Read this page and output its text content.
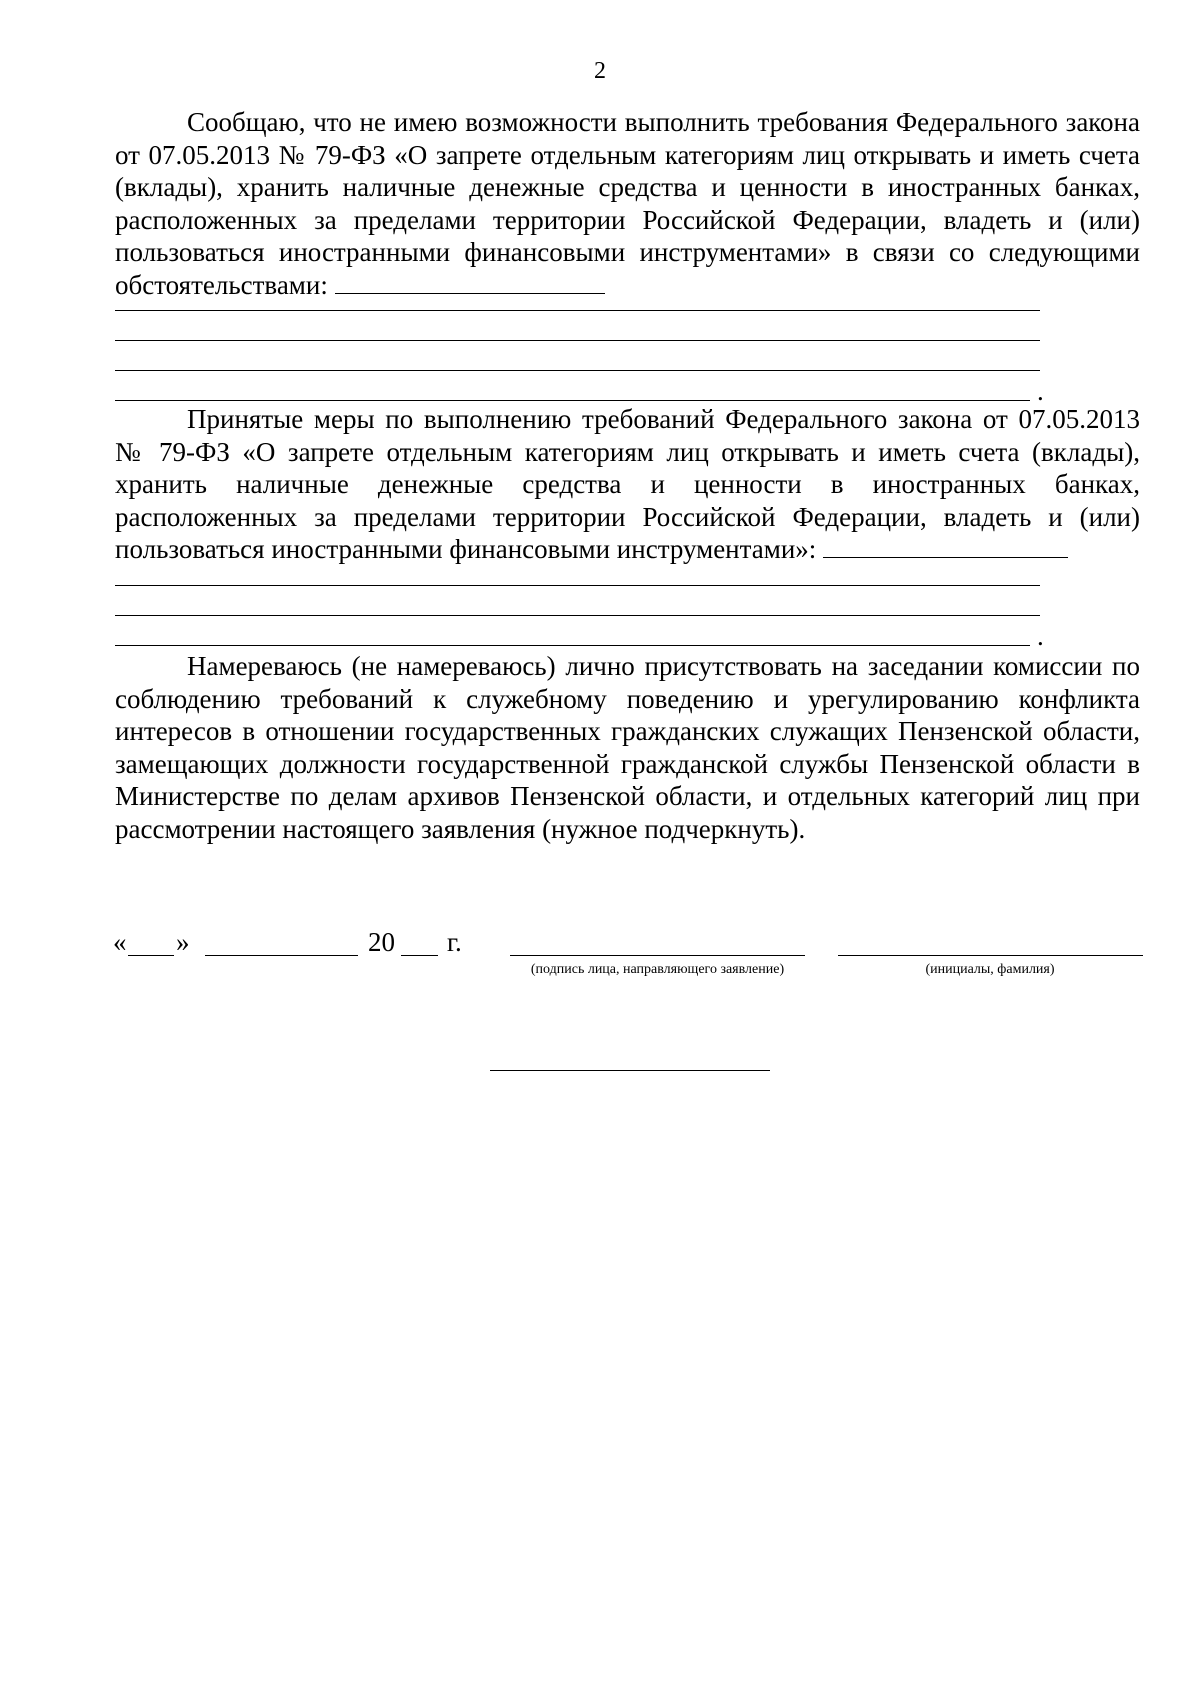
2

Сообщаю, что не имею возможности выполнить требования Федерального закона от 07.05.2013 № 79-ФЗ «О запрете отдельным категориям лиц открывать и иметь счета (вклады), хранить наличные денежные средства и ценности в иностранных банках, расположенных за пределами территории Российской Федерации, владеть и (или) пользоваться иностранными финансовыми инструментами» в связи со следующими обстоятельствами:

.

Принятые меры по выполнению требований Федерального закона от 07.05.2013 № 79-ФЗ «О запрете отдельным категориям лиц открывать и иметь счета (вклады), хранить наличные денежные средства и ценности в иностранных банках, расположенных за пределами территории Российской Федерации, владеть и (или) пользоваться иностранными финансовыми инструментами»:

.

Намереваюсь (не намереваюсь) лично присутствовать на заседании комиссии по соблюдению требований к служебному поведению и урегулированию конфликта интересов в отношении государственных гражданских служащих Пензенской области, замещающих должности государственной гражданской службы Пензенской области в Министерстве по делам архивов Пензенской области, и отдельных категорий лиц при рассмотрении настоящего заявления (нужное подчеркнуть).

« »	20 г.
(подпись лица, направляющего заявление)	(инициалы, фамилия)
